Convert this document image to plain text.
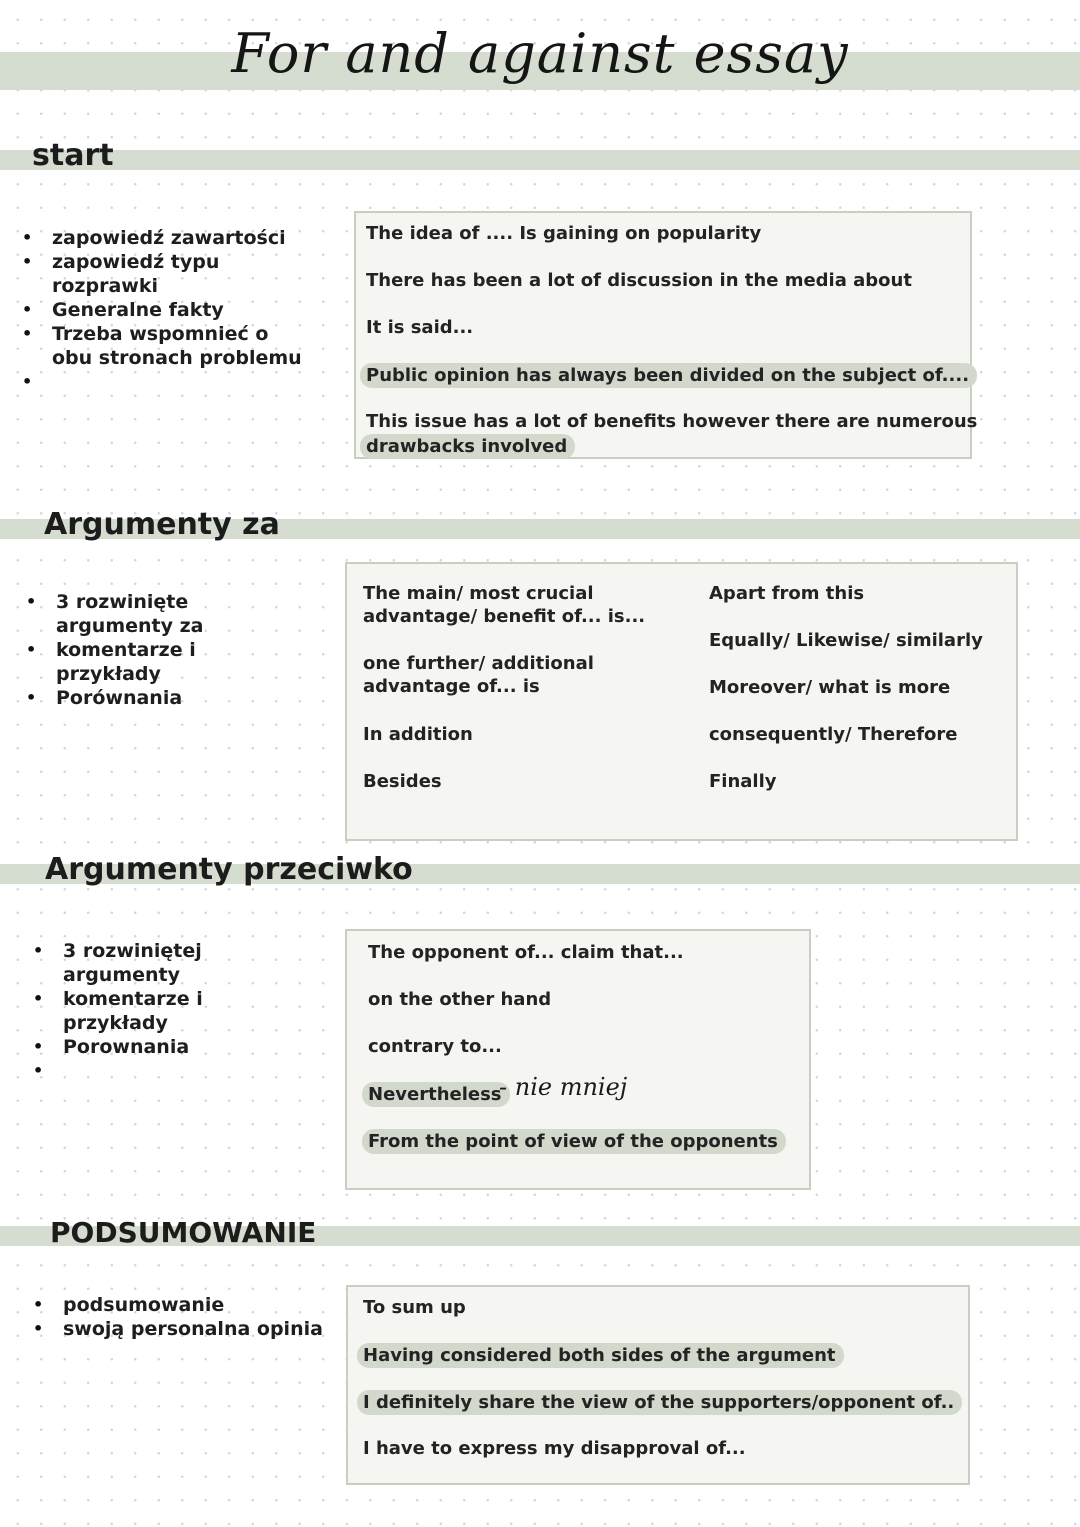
For and against essay
start
• zapowiedź zawartości
• zapowiedź typu rozprawki
• Generalne fakty
• Trzeba wspomnieć o obu stronach problemu
•
The idea of .... Is gaining on popularity
There has been a lot of discussion in the media about
It is said...
Public opinion has always been divided on the subject of....
This issue has a lot of benefits however there are numerous
drawbacks involved
Argumenty za
• 3 rozwinięte argumenty za
• komentarze i przykłady
• Porównania
The main/ most crucial
advantage/ benefit of... is...
one further/ additional
advantage of... is
In addition
Besides
Apart from this
Equally/ Likewise/ similarly
Moreover/ what is more
consequently/ Therefore
Finally
Argumenty przeciwko
• 3 rozwiniętej argumenty
• komentarze i przykłady
• Porownania
•
The opponent of... claim that...
on the other hand
contrary to...
Nevertheless
- nie mniej
From the point of view of the opponents
PODSUMOWANIE
• podsumowanie
• swoją personalna opinia
To sum up
Having considered both sides of the argument
I definitely share the view of the supporters/opponent of..
I have to express my disapproval of...
